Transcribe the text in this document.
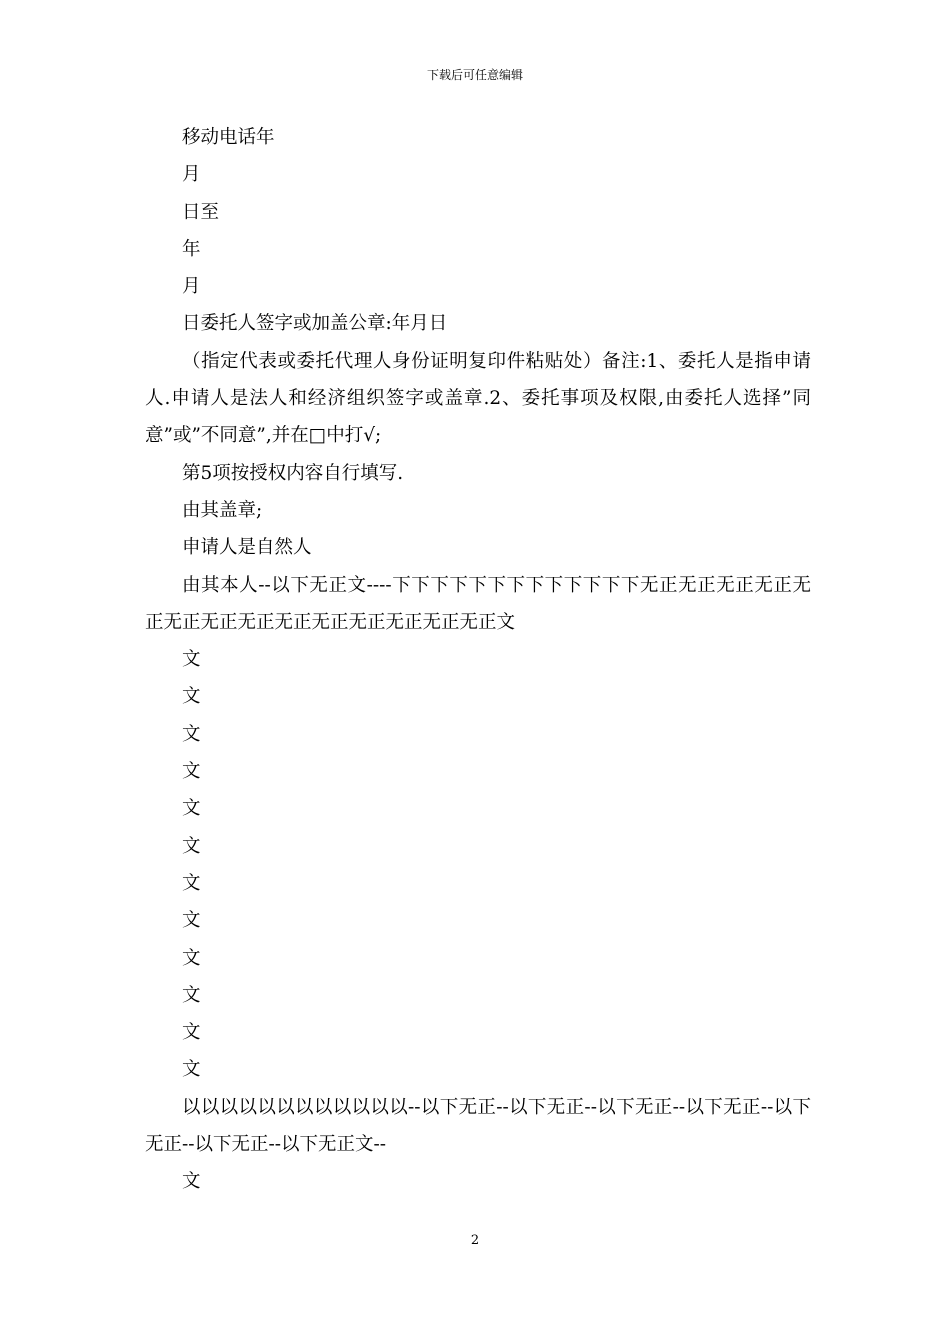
下载后可任意编辑

移动电话年

月

日至

年

月

日委托人签字或加盖公章:年月日

（指定代表或委托代理人身份证明复印件粘贴处）备注:1、委托人是指申请人.申请人是法人和经济组织签字或盖章.2、委托事项及权限,由委托人选择”同意”或”不同意”,并在□中打√;

第5项按授权内容自行填写.

由其盖章;

申请人是自然人

由其本人--以下无正文----下下下下下下下下下下下下下无正无正无正无正无正无正无正无正无正无正无正无正无正无正文

文

文

文

文

文

文

文

文

文

文

文

文

以以以以以以以以以以以以--以下无正--以下无正--以下无正--以下无正--以下无正--以下无正--以下无正文--

文

2
